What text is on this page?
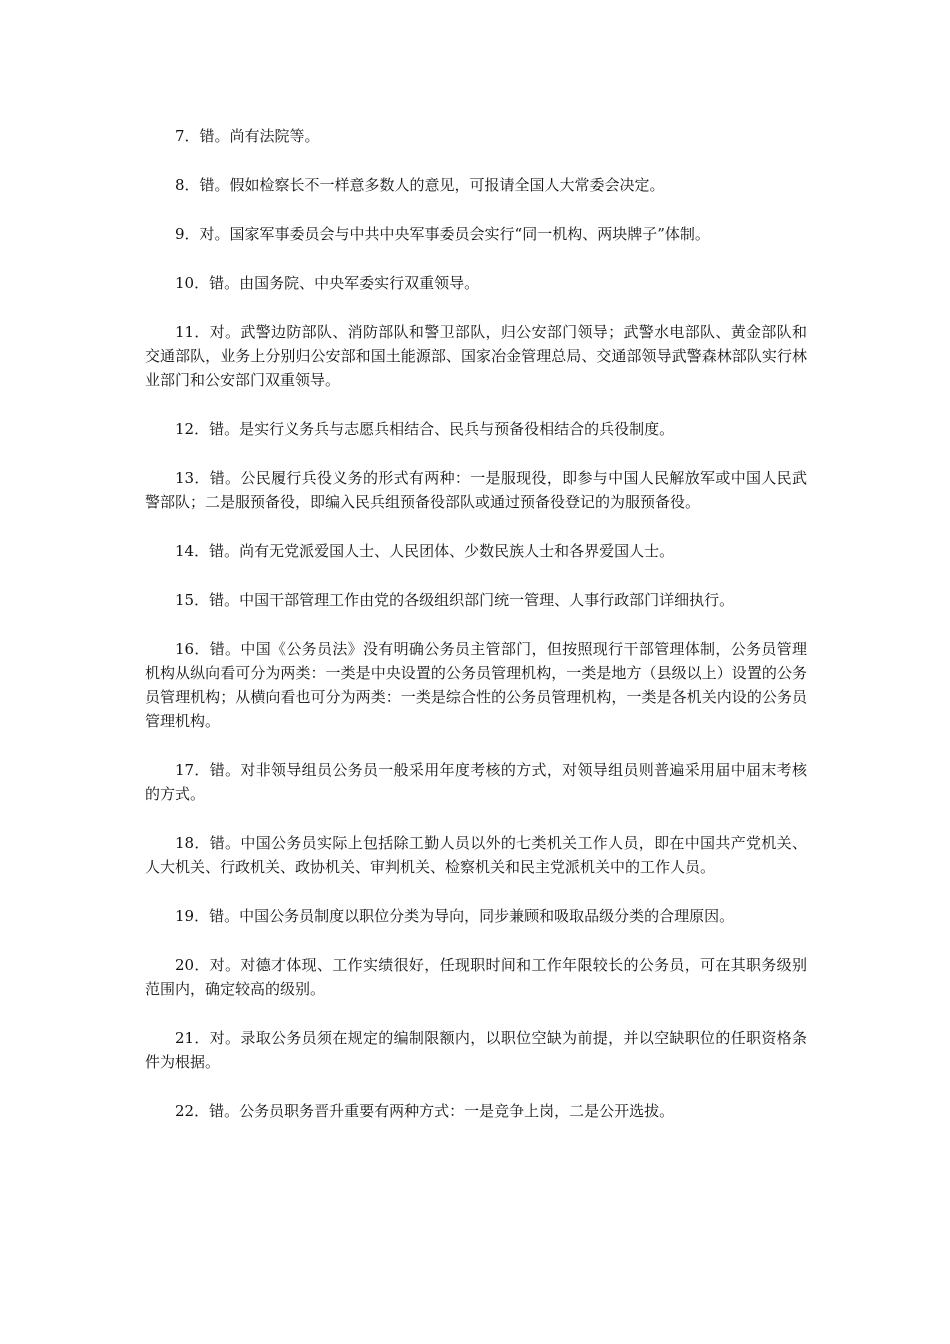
7．错。尚有法院等。

8．错。假如检察长不一样意多数人的意见，可报请全国人大常委会决定。

9．对。国家军事委员会与中共中央军事委员会实行“同一机构、两块牌子”体制。

10．错。由国务院、中央军委实行双重领导。

11．对。武警边防部队、消防部队和警卫部队，归公安部门领导；武警水电部队、黄金部队和交通部队，业务上分别归公安部和国土能源部、国家冶金管理总局、交通部领导武警森林部队实行林业部门和公安部门双重领导。

12．错。是实行义务兵与志愿兵相结合、民兵与预备役相结合的兵役制度。

13．错。公民履行兵役义务的形式有两种：一是服现役，即参与中国人民解放军或中国人民武警部队；二是服预备役，即编入民兵组预备役部队或通过预备役登记的为服预备役。

14．错。尚有无党派爱国人士、人民团体、少数民族人士和各界爱国人士。

15．错。中国干部管理工作由党的各级组织部门统一管理、人事行政部门详细执行。

16．错。中国《公务员法》没有明确公务员主管部门，但按照现行干部管理体制，公务员管理机构从纵向看可分为两类：一类是中央设置的公务员管理机构，一类是地方（县级以上）设置的公务员管理机构；从横向看也可分为两类：一类是综合性的公务员管理机构，一类是各机关内设的公务员管理机构。

17．错。对非领导组员公务员一般采用年度考核的方式，对领导组员则普遍采用届中届末考核的方式。

18．错。中国公务员实际上包括除工勤人员以外的七类机关工作人员，即在中国共产党机关、人大机关、行政机关、政协机关、审判机关、检察机关和民主党派机关中的工作人员。

19．错。中国公务员制度以职位分类为导向，同步兼顾和吸取品级分类的合理原因。

20．对。对德才体现、工作实绩很好，任现职时间和工作年限较长的公务员，可在其职务级别范围内，确定较高的级别。

21．对。录取公务员须在规定的编制限额内，以职位空缺为前提，并以空缺职位的任职资格条件为根据。

22．错。公务员职务晋升重要有两种方式：一是竞争上岗，二是公开选拔。
